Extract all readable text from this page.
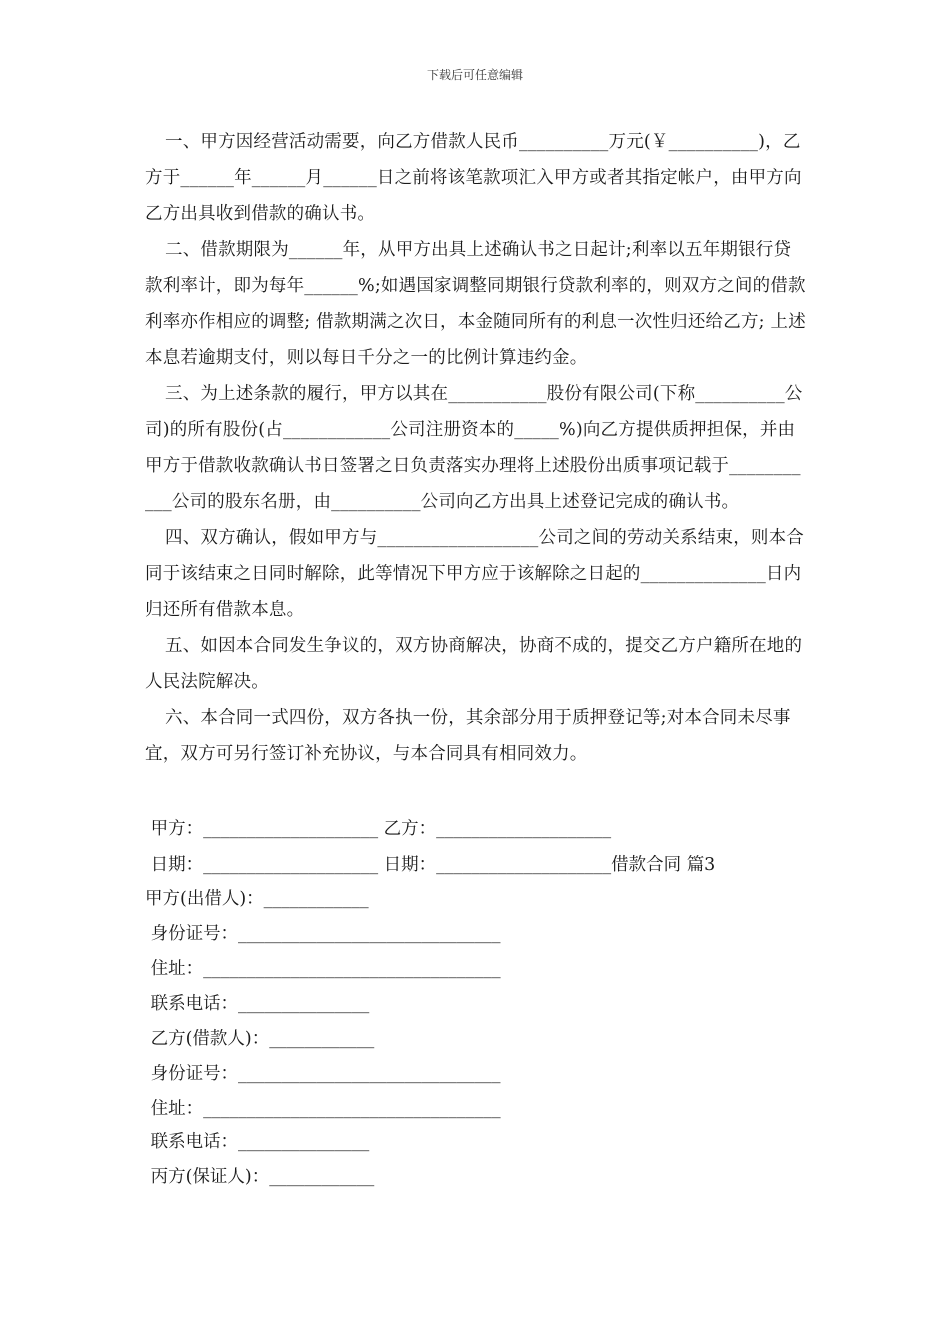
下载后可任意编辑
一、甲方因经营活动需要，向乙方借款人民币__________万元(￥__________)，乙方于______年______月______日之前将该笔款项汇入甲方或者其指定帐户，由甲方向乙方出具收到借款的确认书。
二、借款期限为______年，从甲方出具上述确认书之日起计;利率以五年期银行贷款利率计，即为每年______%;如遇国家调整同期银行贷款利率的，则双方之间的借款利率亦作相应的调整; 借款期满之次日，本金随同所有的利息一次性归还给乙方; 上述本息若逾期支付，则以每日千分之一的比例计算违约金。
三、为上述条款的履行，甲方以其在___________股份有限公司(下称__________公司)的所有股份(占____________公司注册资本的_____%)向乙方提供质押担保，并由甲方于借款收款确认书日签署之日负责落实办理将上述股份出质事项记载于___________公司的股东名册，由__________公司向乙方出具上述登记完成的确认书。
四、双方确认，假如甲方与__________________公司之间的劳动关系结束，则本合同于该结束之日同时解除，此等情况下甲方应于该解除之日起的______________日内归还所有借款本息。
五、如因本合同发生争议的，双方协商解决，协商不成的，提交乙方户籍所在地的人民法院解决。
六、本合同一式四份，双方各执一份，其余部分用于质押登记等;对本合同未尽事宜，双方可另行签订补充协议，与本合同具有相同效力。
甲方：____________________ 乙方：____________________
日期：____________________ 日期：____________________借款合同 篇3
甲方(出借人)：____________
身份证号：______________________________
住址：__________________________________
联系电话：_______________
乙方(借款人)：____________
身份证号：______________________________
住址：__________________________________
联系电话：_______________
丙方(保证人)：____________
